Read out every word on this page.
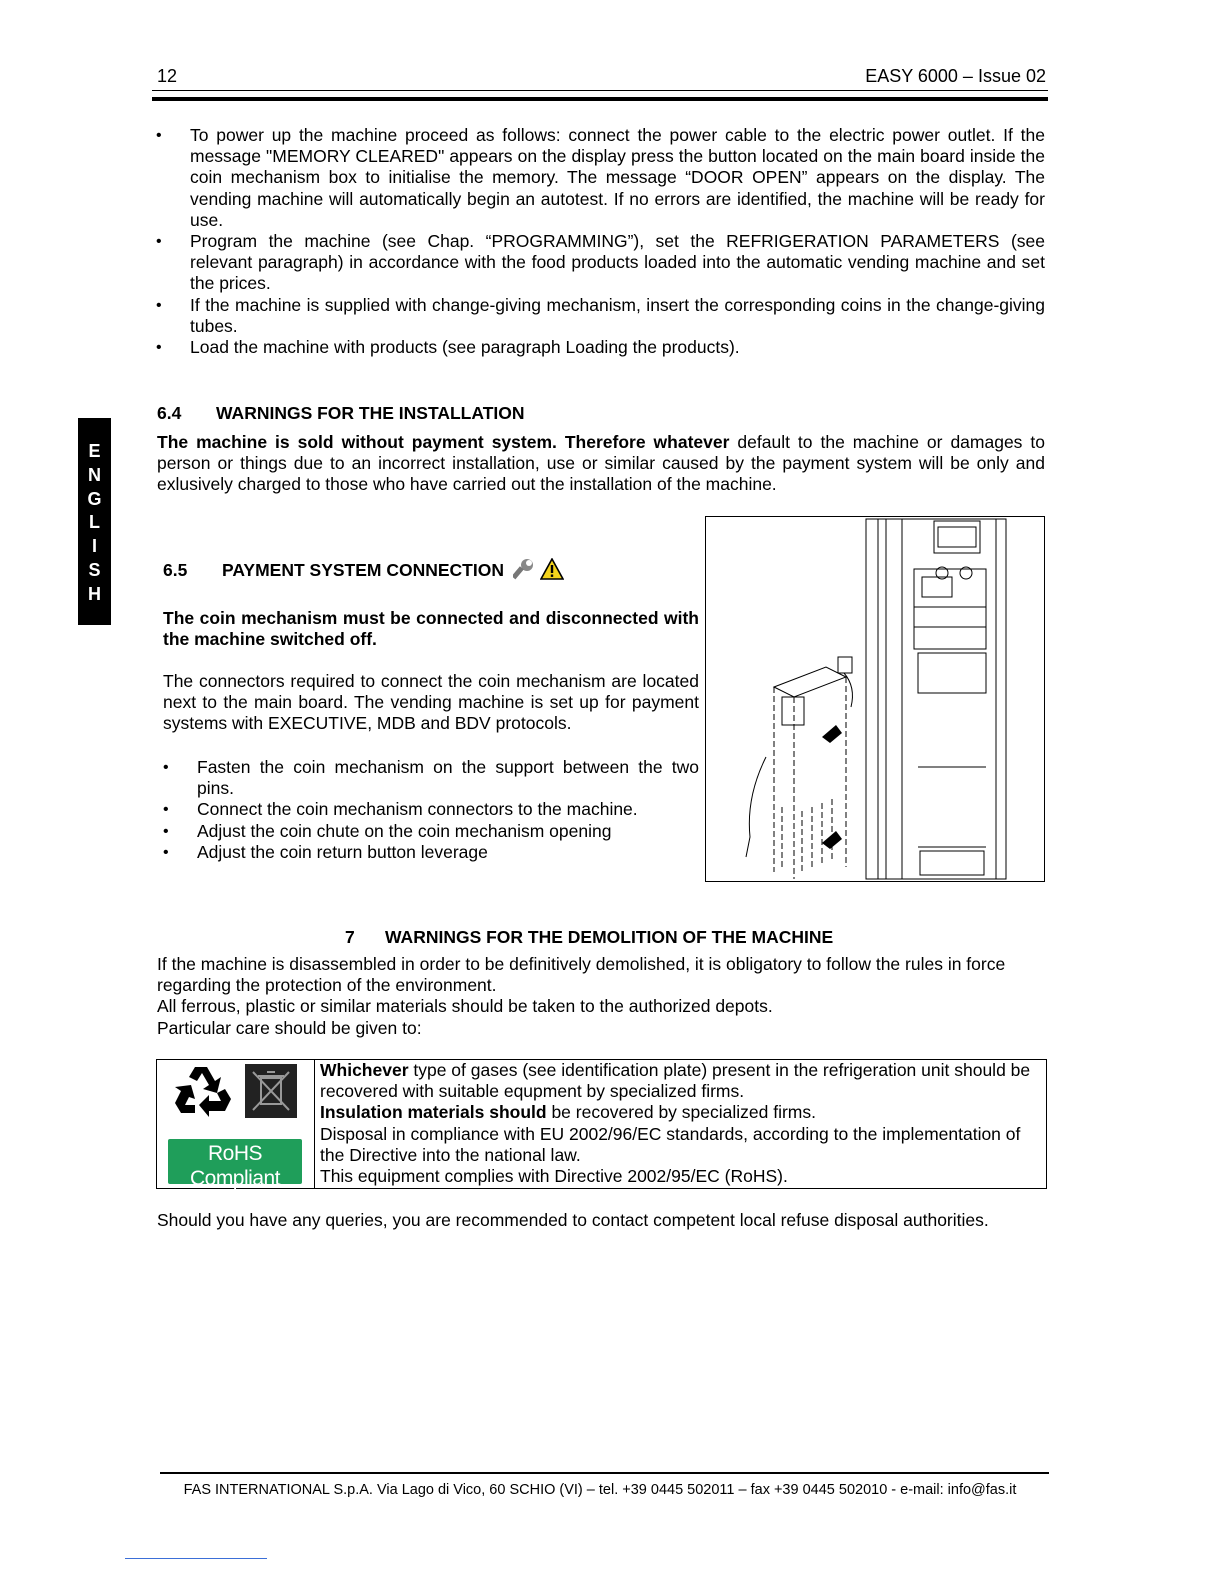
12	EASY 6000 – Issue 02
E
N
G
L
I
S
H
• To power up the machine proceed as follows: connect the power cable to the electric power outlet. If the message "MEMORY CLEARED" appears on the display press the button located on the main board inside the coin mechanism box to initialise the memory. The message “DOOR OPEN” appears on the display. The vending machine will automatically begin an autotest. If no errors are identified, the machine will be ready for use.
• Program the machine (see Chap. “PROGRAMMING”), set the REFRIGERATION PARAMETERS (see relevant paragraph) in accordance with the food products loaded into the automatic vending machine and set the prices.
• If the machine is supplied with change-giving mechanism, insert the corresponding coins in the change-giving tubes.
• Load the machine with products (see paragraph Loading the products).
6.4 WARNINGS FOR THE INSTALLATION
The machine is sold without payment system. Therefore whatever default to the machine or damages to person or things due to an incorrect installation, use or similar caused by the payment system will be only and exlusively charged to those who have carried out the installation of the machine.
6.5 PAYMENT SYSTEM CONNECTION
The coin mechanism must be connected and disconnected with the machine switched off.
The connectors required to connect the coin mechanism are located next to the main board. The vending machine is set up for payment systems with EXECUTIVE, MDB and BDV protocols.
• Fasten the coin mechanism on the support between the two pins.
• Connect the coin mechanism connectors to the machine.
• Adjust the coin chute on the coin mechanism opening
• Adjust the coin return button leverage
7 WARNINGS FOR THE DEMOLITION OF THE MACHINE
If the machine is disassembled in order to be definitively demolished, it is obligatory to follow the rules in force regarding the protection of the environment.
All ferrous, plastic or similar materials should be taken to the authorized depots.
Particular care should be given to:
RoHS Compliant
Directive 2002/95/EC
Whichever type of gases (see identification plate) present in the refrigeration unit should be recovered with suitable equpment by specialized firms.
Insulation materials should be recovered by specialized firms.
Disposal in compliance with EU 2002/96/EC standards, according to the implementation of the Directive into the national law.
This equipment complies with Directive 2002/95/EC (RoHS).
Should you have any queries, you are recommended to contact competent local refuse disposal authorities.
FAS INTERNATIONAL S.p.A. Via Lago di Vico, 60 SCHIO (VI) – tel. +39 0445 502011 – fax +39 0445 502010 - e-mail: info@fas.it
